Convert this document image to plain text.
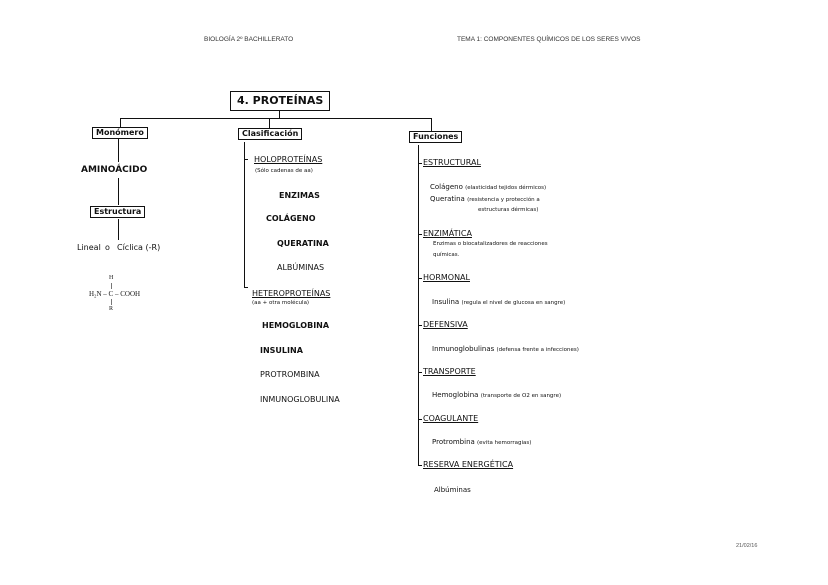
BIOLOGÍA 2º BACHILLERATO	TEMA 1: COMPONENTES QUÍMICOS DE LOS SERES VIVOS
4. PROTEÍNAS
Monómero
AMINOÁCIDO
Estructura
Lineal o Cíclica (-R)
H
H₂N – C – COOH
R
Clasificación
HOLOPROTEÍNAS
(Sólo cadenas de aa)
ENZIMAS
COLÁGENO
QUERATINA
ALBÚMINAS
HETEROPROTEÍNAS
(aa + otra molécula)
HEMOGLOBINA
INSULINA
PROTROMBINA
INMUNOGLOBULINA
Funciones
ESTRUCTURAL
Colágeno (elasticidad tejidos dérmicos)
Queratina (resistencia y protección a
estructuras dérmicas)
ENZIMÁTICA
Enzimas o biocatalizadores de reacciones
químicas.
HORMONAL
Insulina (regula el nivel de glucosa en sangre)
DEFENSIVA
Inmunoglobulinas (defensa frente a infecciones)
TRANSPORTE
Hemoglobina (transporte de O2 en sangre)
COAGULANTE
Protrombina (evita hemorragias)
RESERVA ENERGÉTICA
Albúminas
21/02/16
